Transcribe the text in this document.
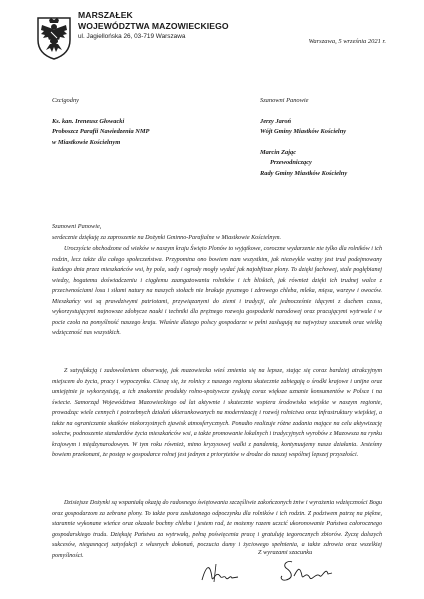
MARSZAŁEK
WOJEWÓDZTWA MAZOWIECKIEGO
ul. Jagiellońska 26, 03-719 Warszawa
Warszawa, 5 września 2021 r.
Czcigodny
Ks. kan. Ireneusz Głowacki
Proboszcz Parafii Nawiedzenia NMP
w Miastkowie Kościelnym
Szanowni Panowie
Jerzy Jaroń
Wójt Gminy Miastków Kościelny
Marcin Zając
Przewodniczący
Rady Gminy Miastków Kościelny
Szanowni Panowie,

serdecznie dziękuję za zaproszenie na Dożynki Gminno-Parafialne w Miastkowie Kościelnym.

Uroczyście obchodzone od wieków w naszym kraju Święto Plonów to wyjątkowe, coroczne wydarzenie nie tylko dla rolników i ich rodzin, lecz także dla całego społeczeństwa. Przypomina ono bowiem nam wszystkim, jak niezwykle ważny jest trud podejmowany każdego dnia przez mieszkańców wsi, by pola, sady i ogrody mogły wydać jak najobfitsze plony. To dzięki fachowej, stale pogłębianej wiedzy, bogatemu doświadczeniu i ciągłemu zaangażowaniu rolników i ich bliskich, jak również dzięki ich trudnej walce z przeciwnościami losu i siłami natury na naszych stołach nie brakuje pysznego i zdrowego chleba, mleka, mięsa, warzyw i owoców. Mieszkańcy wsi są prawdziwymi patriotami, przywiązanymi do ziemi i tradycji, ale jednocześnie idącymi z duchem czasu, wykorzystującymi najnowsze zdobycze nauki i techniki dla prężnego rozwoju gospodarki narodowej oraz pracującymi wytrwale i w pocie czoła na pomyślność naszego kraju. Właśnie dlatego polscy gospodarze w pełni zasługują na najwyższy szacunek oraz wielką wdzięczność nas wszystkich.

Z satysfakcją i zadowoleniem obserwuję, jak mazowiecka wieś zmienia się na lepsze, stając się coraz bardziej atrakcyjnym miejscem do życia, pracy i wypoczynku. Cieszę się, że rolnicy z naszego regionu skutecznie zabiegają o środki krajowe i unijne oraz umiejętnie je wykorzystują, a ich znakomite produkty rolno-spożywcze zyskują coraz większe uznanie konsumentów w Polsce i na świecie. Samorząd Województwa Mazowieckiego od lat aktywnie i skutecznie wspiera środowiska wiejskie w naszym regionie, prowadząc wiele cennych i potrzebnych działań ukierunkowanych na modernizację i rozwój rolnictwa oraz infrastruktury wiejskiej, a także na ograniczanie skutków niekorzystnych zjawisk atmosferycznych. Ponadto realizuje różne zadania mające na celu aktywizację sołectw, podnoszenie standardów życia mieszkańców wsi, a także promowanie lokalnych i tradycyjnych wyrobów z Mazowsza na rynku krajowym i międzynarodowym. W tym roku również, mimo kryzysowej walki z pandemią, kontynuujemy nasze działania. Jesteśmy bowiem przekonani, że postęp w gospodarce rolnej jest jednym z priorytetów w drodze do naszej wspólnej lepszej przyszłości.

Dzisiejsze Dożynki są wspaniałą okazją do radosnego świętowania szczęśliwie zakończonych żniw i wyrażenia wdzięczności Bogu oraz gospodarzom za zebrane plony. To także pora zasłużonego odpoczynku dla rolników i ich rodzin. Z podziwem patrzę na piękne, starannie wykonane wieńce oraz okazałe bochny chleba i jestem rad, że możemy razem uczcić ukoronowanie Państwa całorocznego gospodarskiego trudu. Dziękuję Państwu za wytrwałą, pełną poświęcenia pracę i gratuluję tegorocznych zbiorów. Życzę dalszych sukcesów, niegasnącej satysfakcji z własnych dokonań, poczucia dumy i życiowego spełnienia, a także zdrowia oraz wszelkiej pomyślności.	Z wyrazami szacunku
